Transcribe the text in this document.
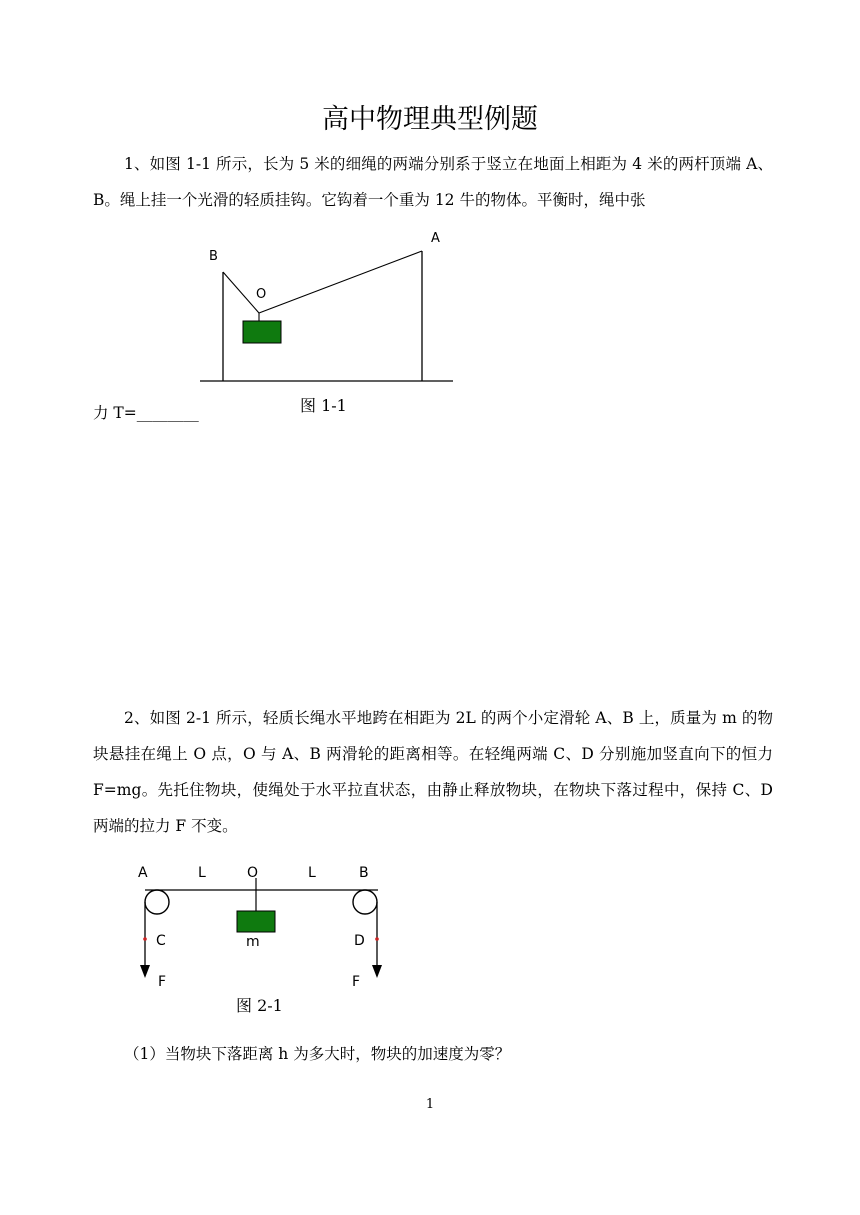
高中物理典型例题

1、如图 1-1 所示，长为 5 米的细绳的两端分别系于竖立在地面上相距为 4 米的两杆顶端 A、B。绳上挂一个光滑的轻质挂钩。它钩着一个重为 12 牛的物体。平衡时，绳中张

B
A
O
图 1-1
力 T=________

2、如图 2-1 所示，轻质长绳水平地跨在相距为 2L 的两个小定滑轮 A、B 上，质量为 m 的物块悬挂在绳上 O 点，O 与 A、B 两滑轮的距离相等。在轻绳两端 C、D 分别施加竖直向下的恒力 F=mg。先托住物块，使绳处于水平拉直状态，由静止释放物块，在物块下落过程中，保持 C、D 两端的拉力 F 不变。

A	L	O	L	B
C	m	D
F	F
图 2-1
（1）当物块下落距离 h 为多大时，物块的加速度为零？
1
